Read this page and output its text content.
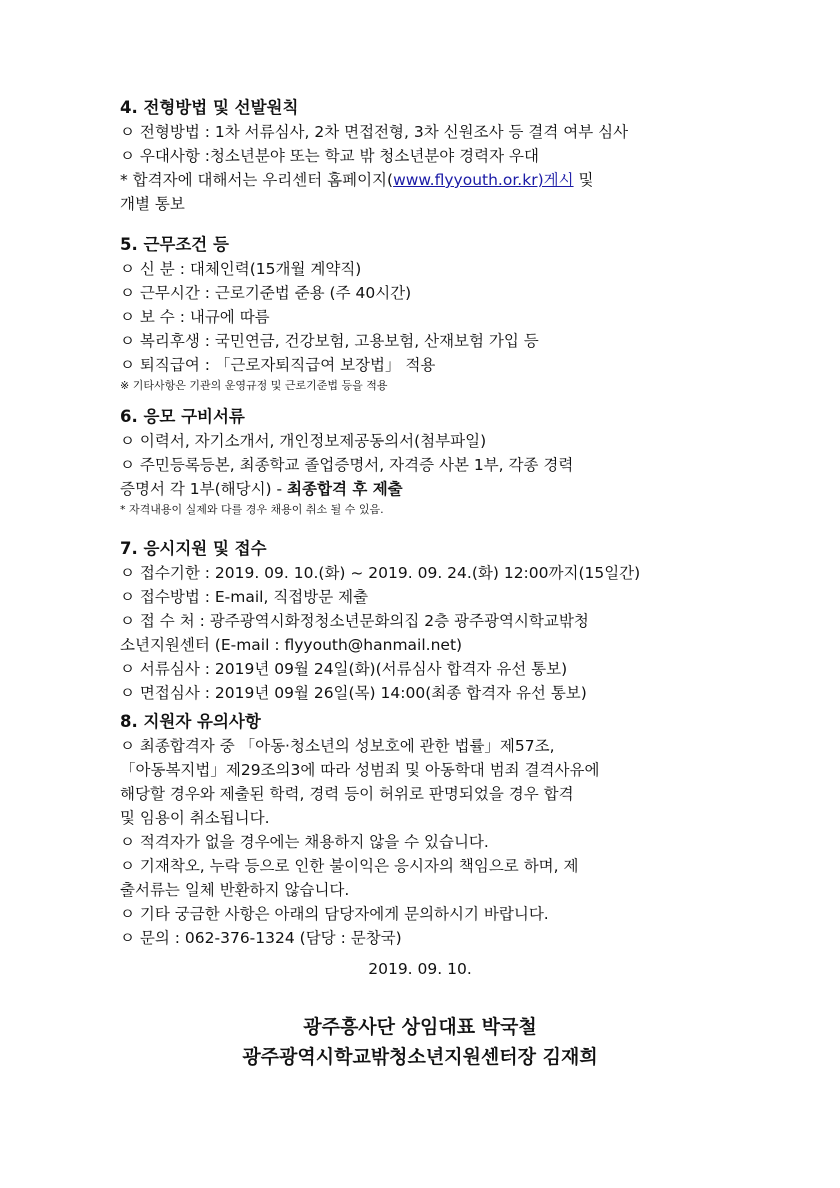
4. 전형방법 및 선발원칙

ㅇ 전형방법 : 1차 서류심사, 2차 면접전형, 3차 신원조사 등 결격 여부 심사

ㅇ 우대사항 :청소년분야 또는 학교 밖 청소년분야 경력자 우대

* 합격자에 대해서는 우리센터 홈페이지(www.flyyouth.or.kr)게시 및

개별 통보

5. 근무조건 등

ㅇ 신 분 : 대체인력(15개월 계약직)

ㅇ 근무시간 : 근로기준법 준용 (주 40시간)

ㅇ 보 수 : 내규에 따름

ㅇ 복리후생 : 국민연금, 건강보험, 고용보험, 산재보험 가입 등

ㅇ 퇴직급여 : 「근로자퇴직급여 보장법」 적용

※ 기타사항은 기관의 운영규정 및 근로기준법 등을 적용

6. 응모 구비서류

ㅇ 이력서, 자기소개서, 개인정보제공동의서(첨부파일)

ㅇ 주민등록등본, 최종학교 졸업증명서, 자격증 사본 1부, 각종 경력

증명서 각 1부(해당시) - 최종합격 후 제출

* 자격내용이 실제와 다를 경우 채용이 취소 될 수 있음.

7. 응시지원 및 접수

ㅇ 접수기한 : 2019. 09. 10.(화) ~ 2019. 09. 24.(화) 12:00까지(15일간)

ㅇ 접수방법 : E-mail, 직접방문 제출

ㅇ 접 수 처 : 광주광역시화정청소년문화의집 2층 광주광역시학교밖청

소년지원센터 (E-mail : flyyouth@hanmail.net)

ㅇ 서류심사 : 2019년 09월 24일(화)(서류심사 합격자 유선 통보)

ㅇ 면접심사 : 2019년 09월 26일(목) 14:00(최종 합격자 유선 통보)

8. 지원자 유의사항

ㅇ 최종합격자 중 「아동·청소년의 성보호에 관한 법률」제57조,

「아동복지법」제29조의3에 따라 성범죄 및 아동학대 범죄 결격사유에

해당할 경우와 제출된 학력, 경력 등이 허위로 판명되었을 경우 합격

및 임용이 취소됩니다.

ㅇ 적격자가 없을 경우에는 채용하지 않을 수 있습니다.

ㅇ 기재착오, 누락 등으로 인한 불이익은 응시자의 책임으로 하며, 제

출서류는 일체 반환하지 않습니다.

ㅇ 기타 궁금한 사항은 아래의 담당자에게 문의하시기 바랍니다.

ㅇ 문의 : 062-376-1324 (담당 : 문창국)

2019. 09. 10.
광주흥사단 상임대표 박국철
광주광역시학교밖청소년지원센터장 김재희
